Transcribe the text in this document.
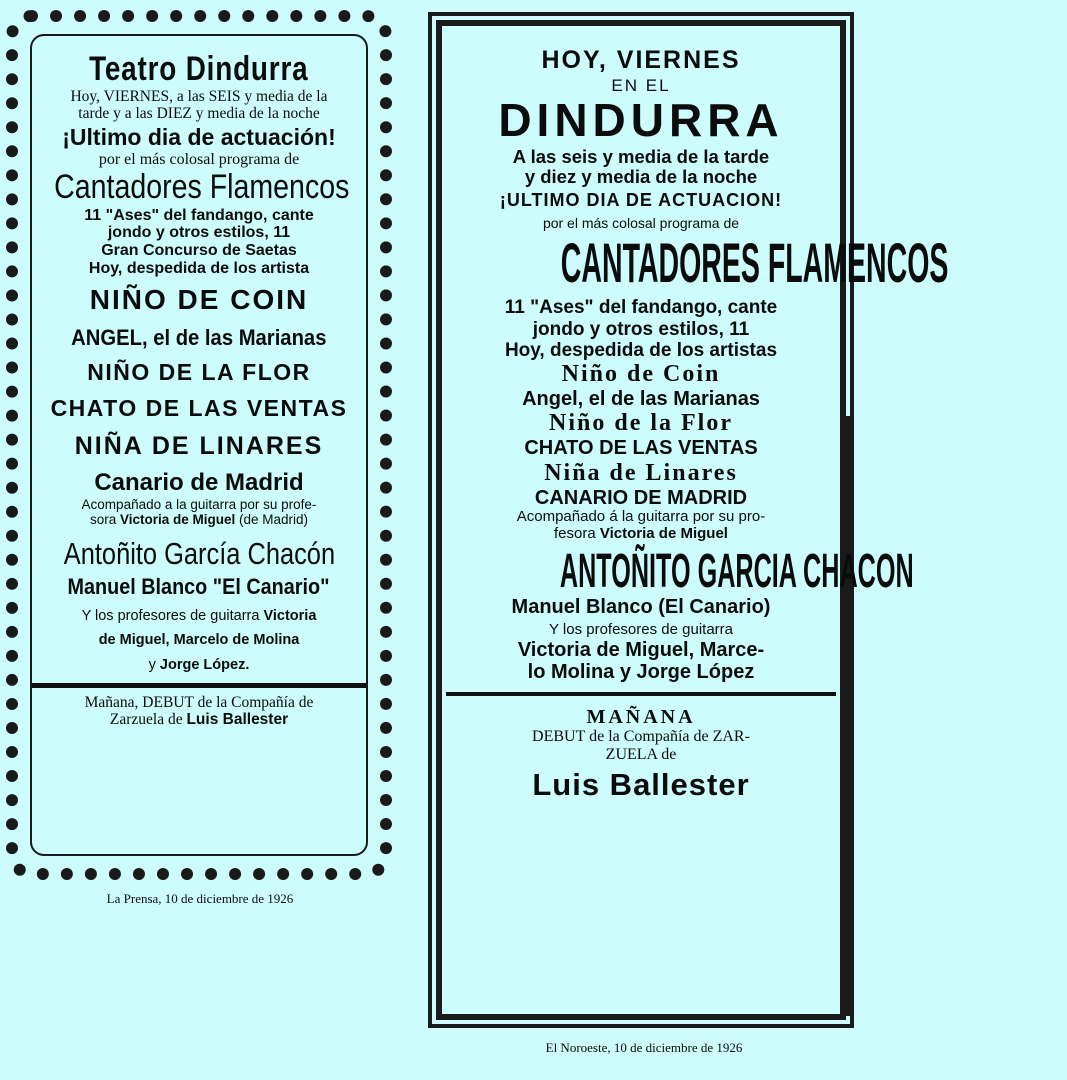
Teatro Dindurra
Hoy, VIERNES, a las SEIS y media de la
tarde y a las DIEZ y media de la noche
¡Ultimo dia de actuación!
por el más colosal programa de
Cantadores Flamencos
11 "Ases" del fandango, cante
jondo y otros estilos, 11
Gran Concurso de Saetas
Hoy, despedida de los artista
NIÑO DE COIN
ANGEL, el de las Marianas
NIÑO DE LA FLOR
CHATO DE LAS VENTAS
NIÑA DE LINARES
Canario de Madrid
Acompañado a la guitarra por su profe-
sora Victoria de Miguel (de Madrid)
Antoñito García Chacón
Manuel Blanco "El Canario"
Y los profesores de guitarra Victoria
de Miguel, Marcelo de Molina
y Jorge López.
Mañana, DEBUT de la Compañía de
Zarzuela de Luis Ballester
La Prensa, 10 de diciembre de 1926
HOY, VIERNES
EN EL
DINDURRA
A las seis y media de la tarde
y diez y media de la noche
¡ULTIMO DIA DE ACTUACION!
por el más colosal programa de
CANTADORES FLAMENCOS
11 "Ases" del fandango, cante
jondo y otros estilos, 11
Hoy, despedida de los artistas
Niño de Coin
Angel, el de las Marianas
Niño de la Flor
CHATO DE LAS VENTAS
Niña de Linares
CANARIO DE MADRID
Acompañado á la guitarra por su pro-
fesora Victoria de Miguel
ANTOÑITO GARCIA CHACON
Manuel Blanco (El Canario)
Y los profesores de guitarra
Victoria de Miguel, Marce-
lo Molina y Jorge López
MAÑANA
DEBUT de la Compañía de ZAR-
ZUELA de
Luis Ballester
El Noroeste, 10 de diciembre de 1926
